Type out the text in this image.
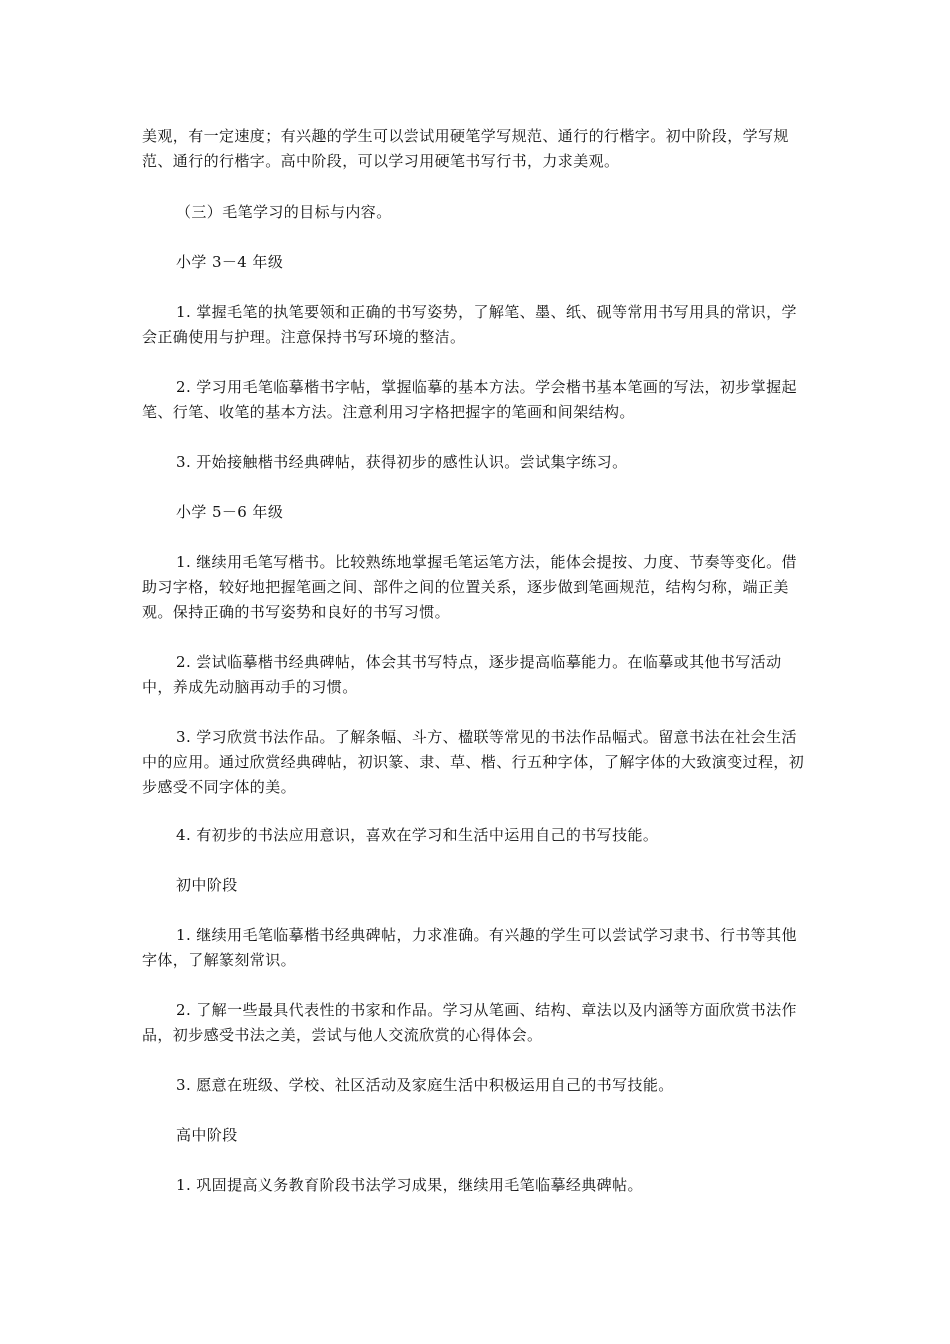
美观，有一定速度；有兴趣的学生可以尝试用硬笔学写规范、通行的行楷字。初中阶段，学写规范、通行的行楷字。高中阶段，可以学习用硬笔书写行书，力求美观。

（三）毛笔学习的目标与内容。

小学 3－4 年级

1. 掌握毛笔的执笔要领和正确的书写姿势，了解笔、墨、纸、砚等常用书写用具的常识，学会正确使用与护理。注意保持书写环境的整洁。

2. 学习用毛笔临摹楷书字帖，掌握临摹的基本方法。学会楷书基本笔画的写法，初步掌握起笔、行笔、收笔的基本方法。注意利用习字格把握字的笔画和间架结构。

3. 开始接触楷书经典碑帖，获得初步的感性认识。尝试集字练习。

小学 5－6 年级

1. 继续用毛笔写楷书。比较熟练地掌握毛笔运笔方法，能体会提按、力度、节奏等变化。借助习字格，较好地把握笔画之间、部件之间的位置关系，逐步做到笔画规范，结构匀称，端正美观。保持正确的书写姿势和良好的书写习惯。

2. 尝试临摹楷书经典碑帖，体会其书写特点，逐步提高临摹能力。在临摹或其他书写活动中，养成先动脑再动手的习惯。

3. 学习欣赏书法作品。了解条幅、斗方、楹联等常见的书法作品幅式。留意书法在社会生活中的应用。通过欣赏经典碑帖，初识篆、隶、草、楷、行五种字体，了解字体的大致演变过程，初步感受不同字体的美。

4. 有初步的书法应用意识，喜欢在学习和生活中运用自己的书写技能。

初中阶段

1. 继续用毛笔临摹楷书经典碑帖，力求准确。有兴趣的学生可以尝试学习隶书、行书等其他字体，了解篆刻常识。

2. 了解一些最具代表性的书家和作品。学习从笔画、结构、章法以及内涵等方面欣赏书法作品，初步感受书法之美，尝试与他人交流欣赏的心得体会。

3. 愿意在班级、学校、社区活动及家庭生活中积极运用自己的书写技能。

高中阶段

1. 巩固提高义务教育阶段书法学习成果，继续用毛笔临摹经典碑帖。
